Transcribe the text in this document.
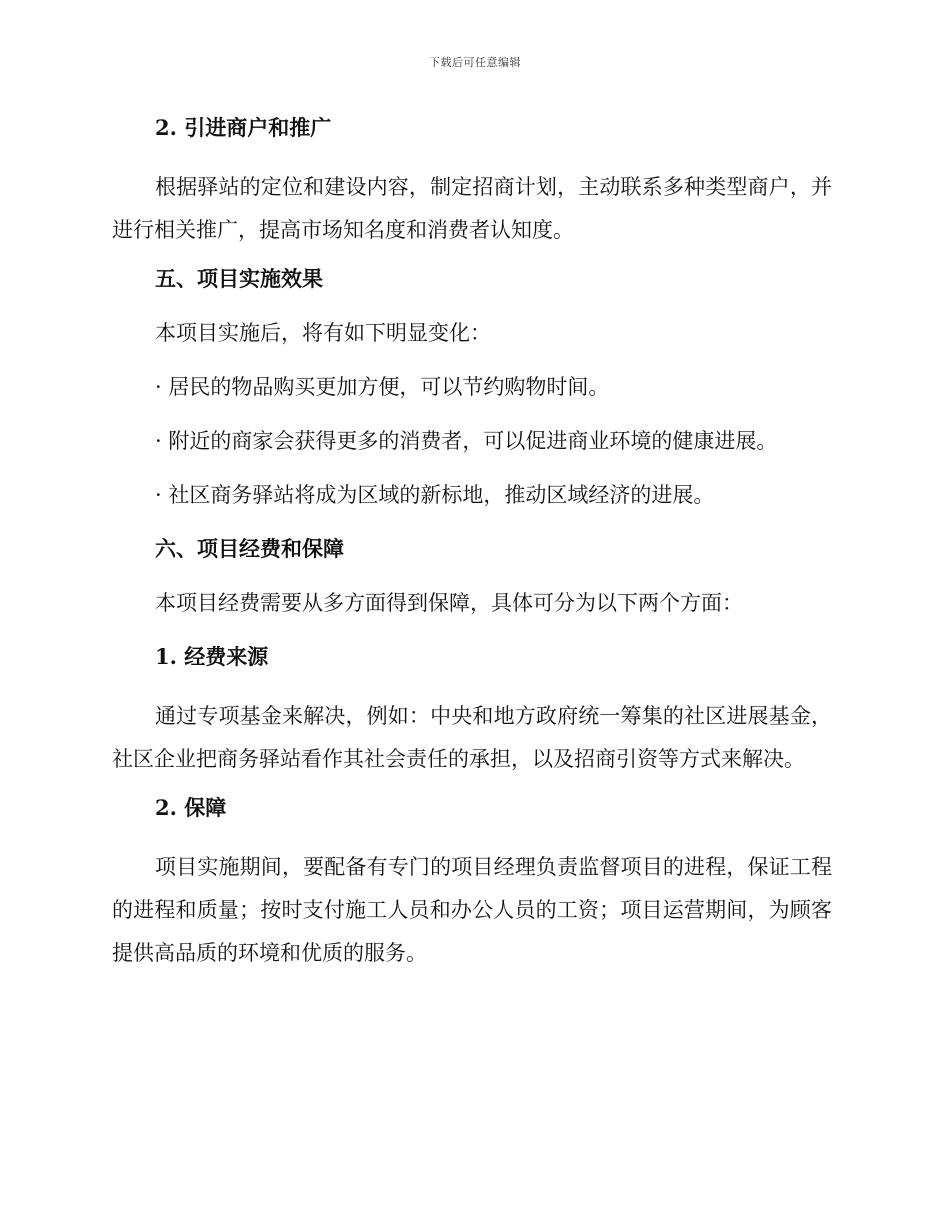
下载后可任意编辑
2. 引进商户和推广
根据驿站的定位和建设内容，制定招商计划，主动联系多种类型商户，并进行相关推广，提高市场知名度和消费者认知度。
五、项目实施效果
本项目实施后，将有如下明显变化：
· 居民的物品购买更加方便，可以节约购物时间。
· 附近的商家会获得更多的消费者，可以促进商业环境的健康进展。
· 社区商务驿站将成为区域的新标地，推动区域经济的进展。
六、项目经费和保障
本项目经费需要从多方面得到保障，具体可分为以下两个方面：
1. 经费来源
通过专项基金来解决，例如：中央和地方政府统一筹集的社区进展基金，社区企业把商务驿站看作其社会责任的承担，以及招商引资等方式来解决。
2. 保障
项目实施期间，要配备有专门的项目经理负责监督项目的进程，保证工程的进程和质量；按时支付施工人员和办公人员的工资；项目运营期间，为顾客提供高品质的环境和优质的服务。
